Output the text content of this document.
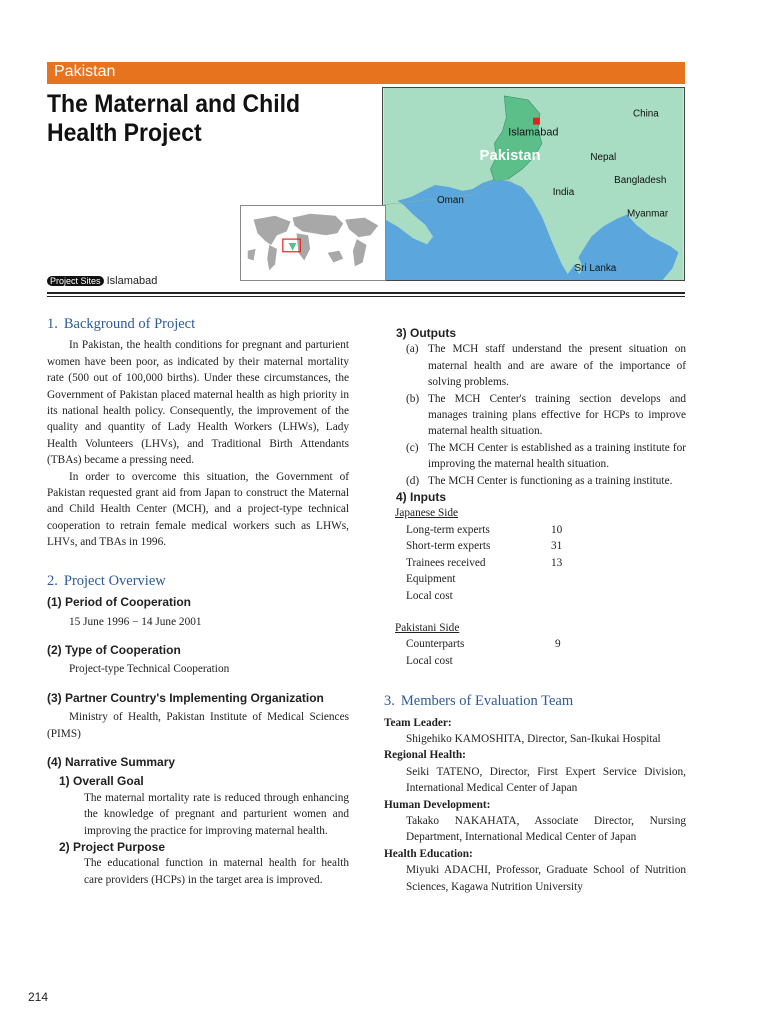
Pakistan
The Maternal and Child
Health Project
China
Islamabad
Pakistan	Nepal
Bangladesh
India
Oman
Myanmar
Sri Lanka
Project Sites Islamabad
1. Background of Project

In Pakistan, the health conditions for pregnant and parturient women have been poor, as indicated by their maternal mortality rate (500 out of 100,000 births). Under these circumstances, the Government of Pakistan placed maternal health as high priority in its national health policy. Consequently, the improvement of the quality and quantity of Lady Health Workers (LHWs), Lady Health Volunteers (LHVs), and Traditional Birth Attendants (TBAs) became a pressing need.

In order to overcome this situation, the Government of Pakistan requested grant aid from Japan to construct the Maternal and Child Health Center (MCH), and a project-type technical cooperation to retrain female medical workers such as LHWs, LHVs, and TBAs in 1996.

2. Project Overview

(1) Period of Cooperation

15 June 1996 − 14 June 2001

(2) Type of Cooperation

Project-type Technical Cooperation

(3) Partner Country's Implementing Organization

Ministry of Health, Pakistan Institute of Medical Sciences (PIMS)

(4) Narrative Summary

1) Overall Goal

The maternal mortality rate is reduced through enhancing the knowledge of pregnant and parturient women and improving the practice for improving maternal health.

2) Project Purpose

The educational function in maternal health for health care providers (HCPs) in the target area is improved.

3) Outputs

(a) The MCH staff understand the present situation on maternal health and are aware of the importance of solving problems.
(b) The MCH Center's training section develops and manages training plans effective for HCPs to improve maternal health situation.
(c) The MCH Center is established as a training institute for improving the maternal health situation.
(d) The MCH Center is functioning as a training institute.

4) Inputs

Japanese Side
Long-term experts	10
Short-term experts	31
Trainees received	13
Equipment
Local cost
Pakistani Side
Counterparts	9
Local cost
3. Members of Evaluation Team

Team Leader:

Shigehiko KAMOSHITA, Director, San-Ikukai Hospital

Regional Health:

Seiki TATENO, Director, First Expert Service Division, International Medical Center of Japan

Human Development:

Takako NAKAHATA, Associate Director, Nursing Department, International Medical Center of Japan

Health Education:

Miyuki ADACHI, Professor, Graduate School of Nutrition Sciences, Kagawa Nutrition University

214
